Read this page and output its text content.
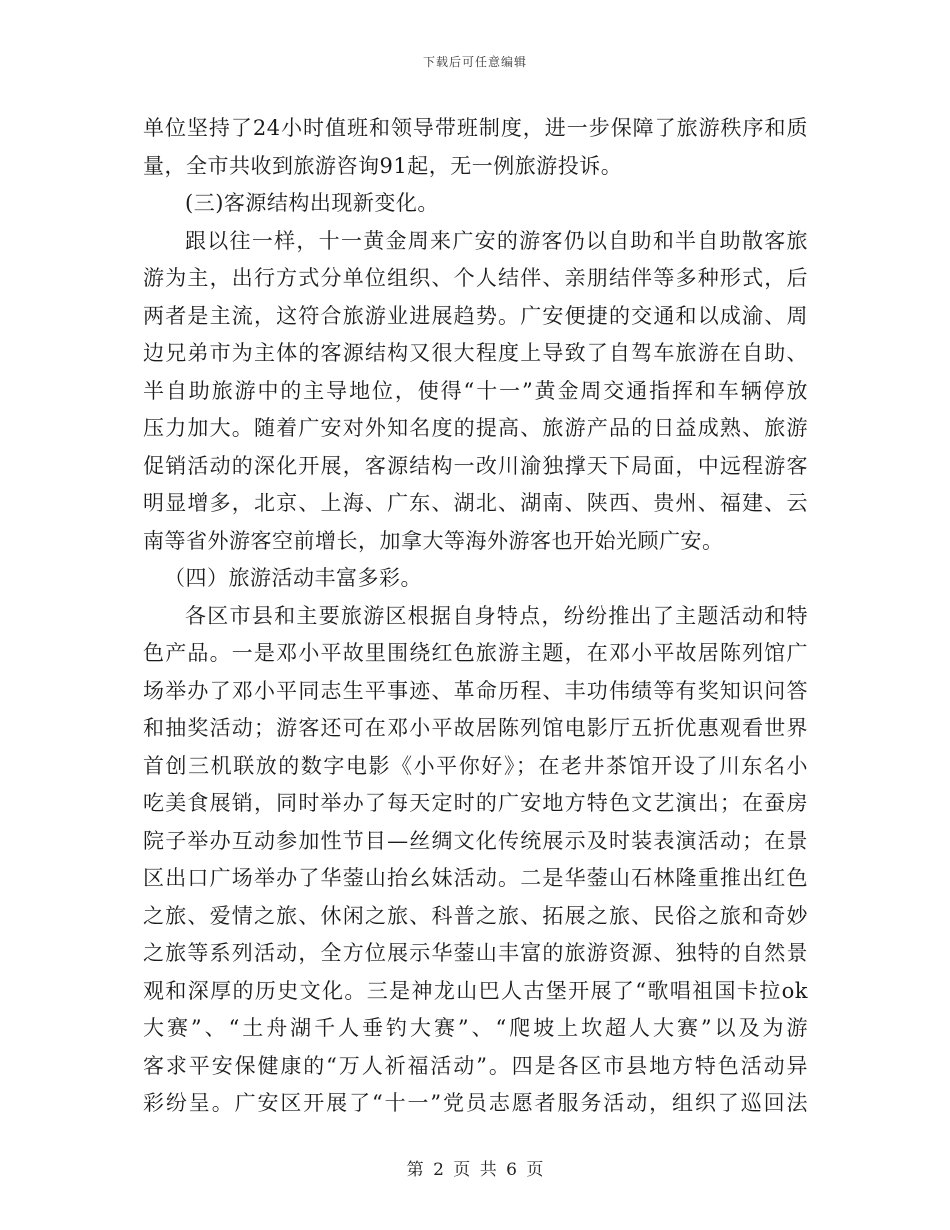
下载后可任意编辑
单位坚持了24小时值班和领导带班制度，进一步保障了旅游秩序和质
量，全市共收到旅游咨询91起，无一例旅游投诉。
(三)客源结构出现新变化。
跟以往一样，十一黄金周来广安的游客仍以自助和半自助散客旅
游为主，出行方式分单位组织、个人结伴、亲朋结伴等多种形式，后
两者是主流，这符合旅游业进展趋势。广安便捷的交通和以成渝、周
边兄弟市为主体的客源结构又很大程度上导致了自驾车旅游在自助、
半自助旅游中的主导地位，使得“十一”黄金周交通指挥和车辆停放
压力加大。随着广安对外知名度的提高、旅游产品的日益成熟、旅游
促销活动的深化开展，客源结构一改川渝独撑天下局面，中远程游客
明显增多，北京、上海、广东、湖北、湖南、陕西、贵州、福建、云
南等省外游客空前增长，加拿大等海外游客也开始光顾广安。
（四）旅游活动丰富多彩。
各区市县和主要旅游区根据自身特点，纷纷推出了主题活动和特
色产品。一是邓小平故里围绕红色旅游主题，在邓小平故居陈列馆广
场举办了邓小平同志生平事迹、革命历程、丰功伟绩等有奖知识问答
和抽奖活动；游客还可在邓小平故居陈列馆电影厅五折优惠观看世界
首创三机联放的数字电影《小平你好》；在老井茶馆开设了川东名小
吃美食展销，同时举办了每天定时的广安地方特色文艺演出；在蚕房
院子举办互动参加性节目—丝绸文化传统展示及时装表演活动；在景
区出口广场举办了华蓥山抬幺妹活动。二是华蓥山石林隆重推出红色
之旅、爱情之旅、休闲之旅、科普之旅、拓展之旅、民俗之旅和奇妙
之旅等系列活动，全方位展示华蓥山丰富的旅游资源、独特的自然景
观和深厚的历史文化。三是神龙山巴人古堡开展了“歌唱祖国卡拉ok
大赛”、“土舟湖千人垂钓大赛”、“爬坡上坎超人大赛”以及为游
客求平安保健康的“万人祈福活动”。四是各区市县地方特色活动异
彩纷呈。广安区开展了“十一”党员志愿者服务活动，组织了巡回法
第 2 页 共 6 页
